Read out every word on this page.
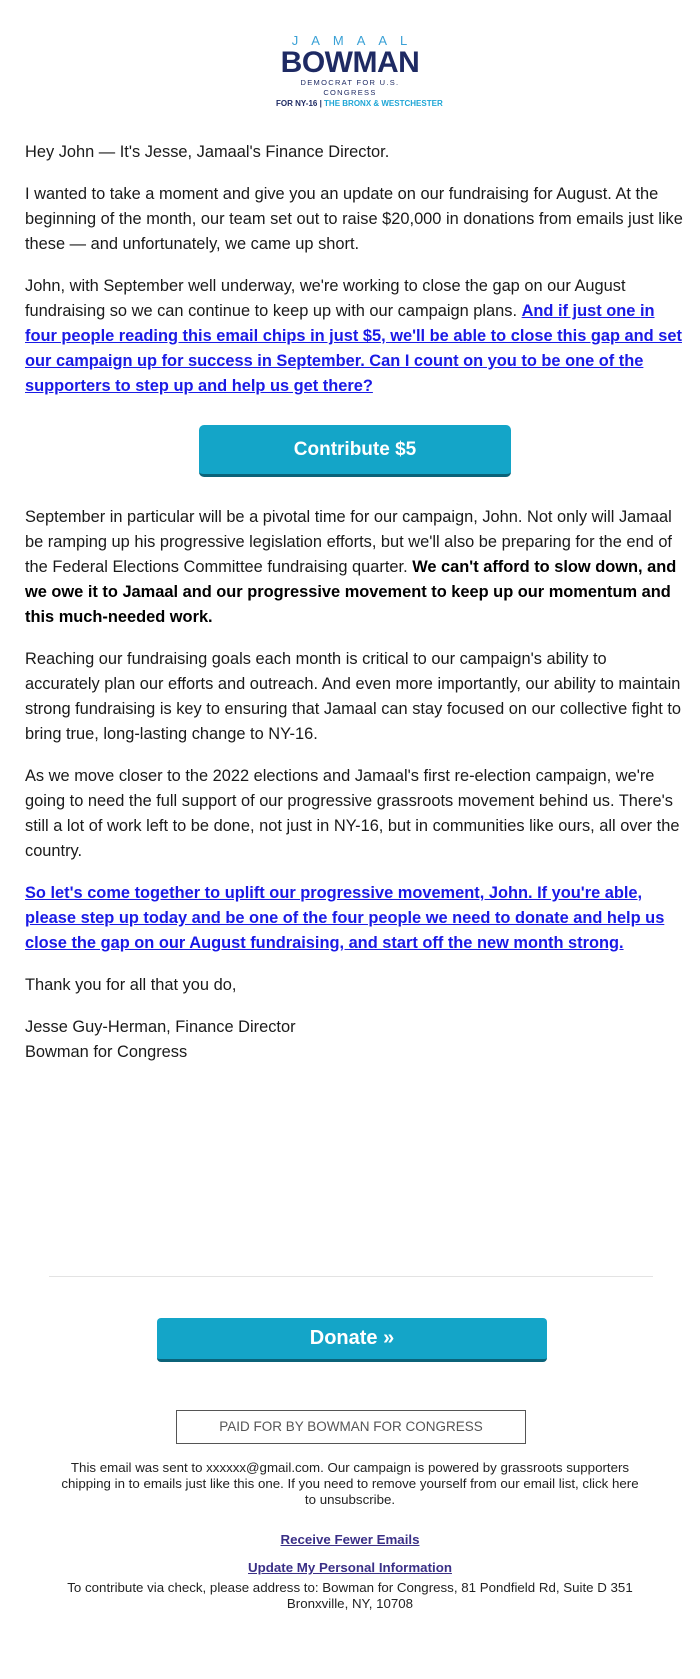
JAMAAL
BOWMAN
DEMOCRAT FOR U.S. CONGRESS
FOR NY-16 | THE BRONX & WESTCHESTER

Hey John — It's Jesse, Jamaal's Finance Director.

I wanted to take a moment and give you an update on our fundraising for August. At the beginning of the month, our team set out to raise $20,000 in donations from emails just like these — and unfortunately, we came up short.

John, with September well underway, we're working to close the gap on our August fundraising so we can continue to keep up with our campaign plans. And if just one in four people reading this email chips in just $5, we'll be able to close this gap and set our campaign up for success in September. Can I count on you to be one of the supporters to step up and help us get there?

Contribute $5

September in particular will be a pivotal time for our campaign, John. Not only will Jamaal be ramping up his progressive legislation efforts, but we'll also be preparing for the end of the Federal Elections Committee fundraising quarter. We can't afford to slow down, and we owe it to Jamaal and our progressive movement to keep up our momentum and this much-needed work.

Reaching our fundraising goals each month is critical to our campaign's ability to accurately plan our efforts and outreach. And even more importantly, our ability to maintain strong fundraising is key to ensuring that Jamaal can stay focused on our collective fight to bring true, long-lasting change to NY-16.

As we move closer to the 2022 elections and Jamaal's first re-election campaign, we're going to need the full support of our progressive grassroots movement behind us. There's still a lot of work left to be done, not just in NY-16, but in communities like ours, all over the country.

So let's come together to uplift our progressive movement, John. If you're able, please step up today and be one of the four people we need to donate and help us close the gap on our August fundraising, and start off the new month strong.

Thank you for all that you do,

Jesse Guy-Herman, Finance Director
Bowman for Congress

Donate »
PAID FOR BY BOWMAN FOR CONGRESS
This email was sent to xxxxxx@gmail.com. Our campaign is powered by grassroots supporters chipping in to emails just like this one. If you need to remove yourself from our email list, click here to unsubscribe.
Receive Fewer Emails
Update My Personal Information
To contribute via check, please address to: Bowman for Congress, 81 Pondfield Rd, Suite D 351 Bronxville, NY, 10708
